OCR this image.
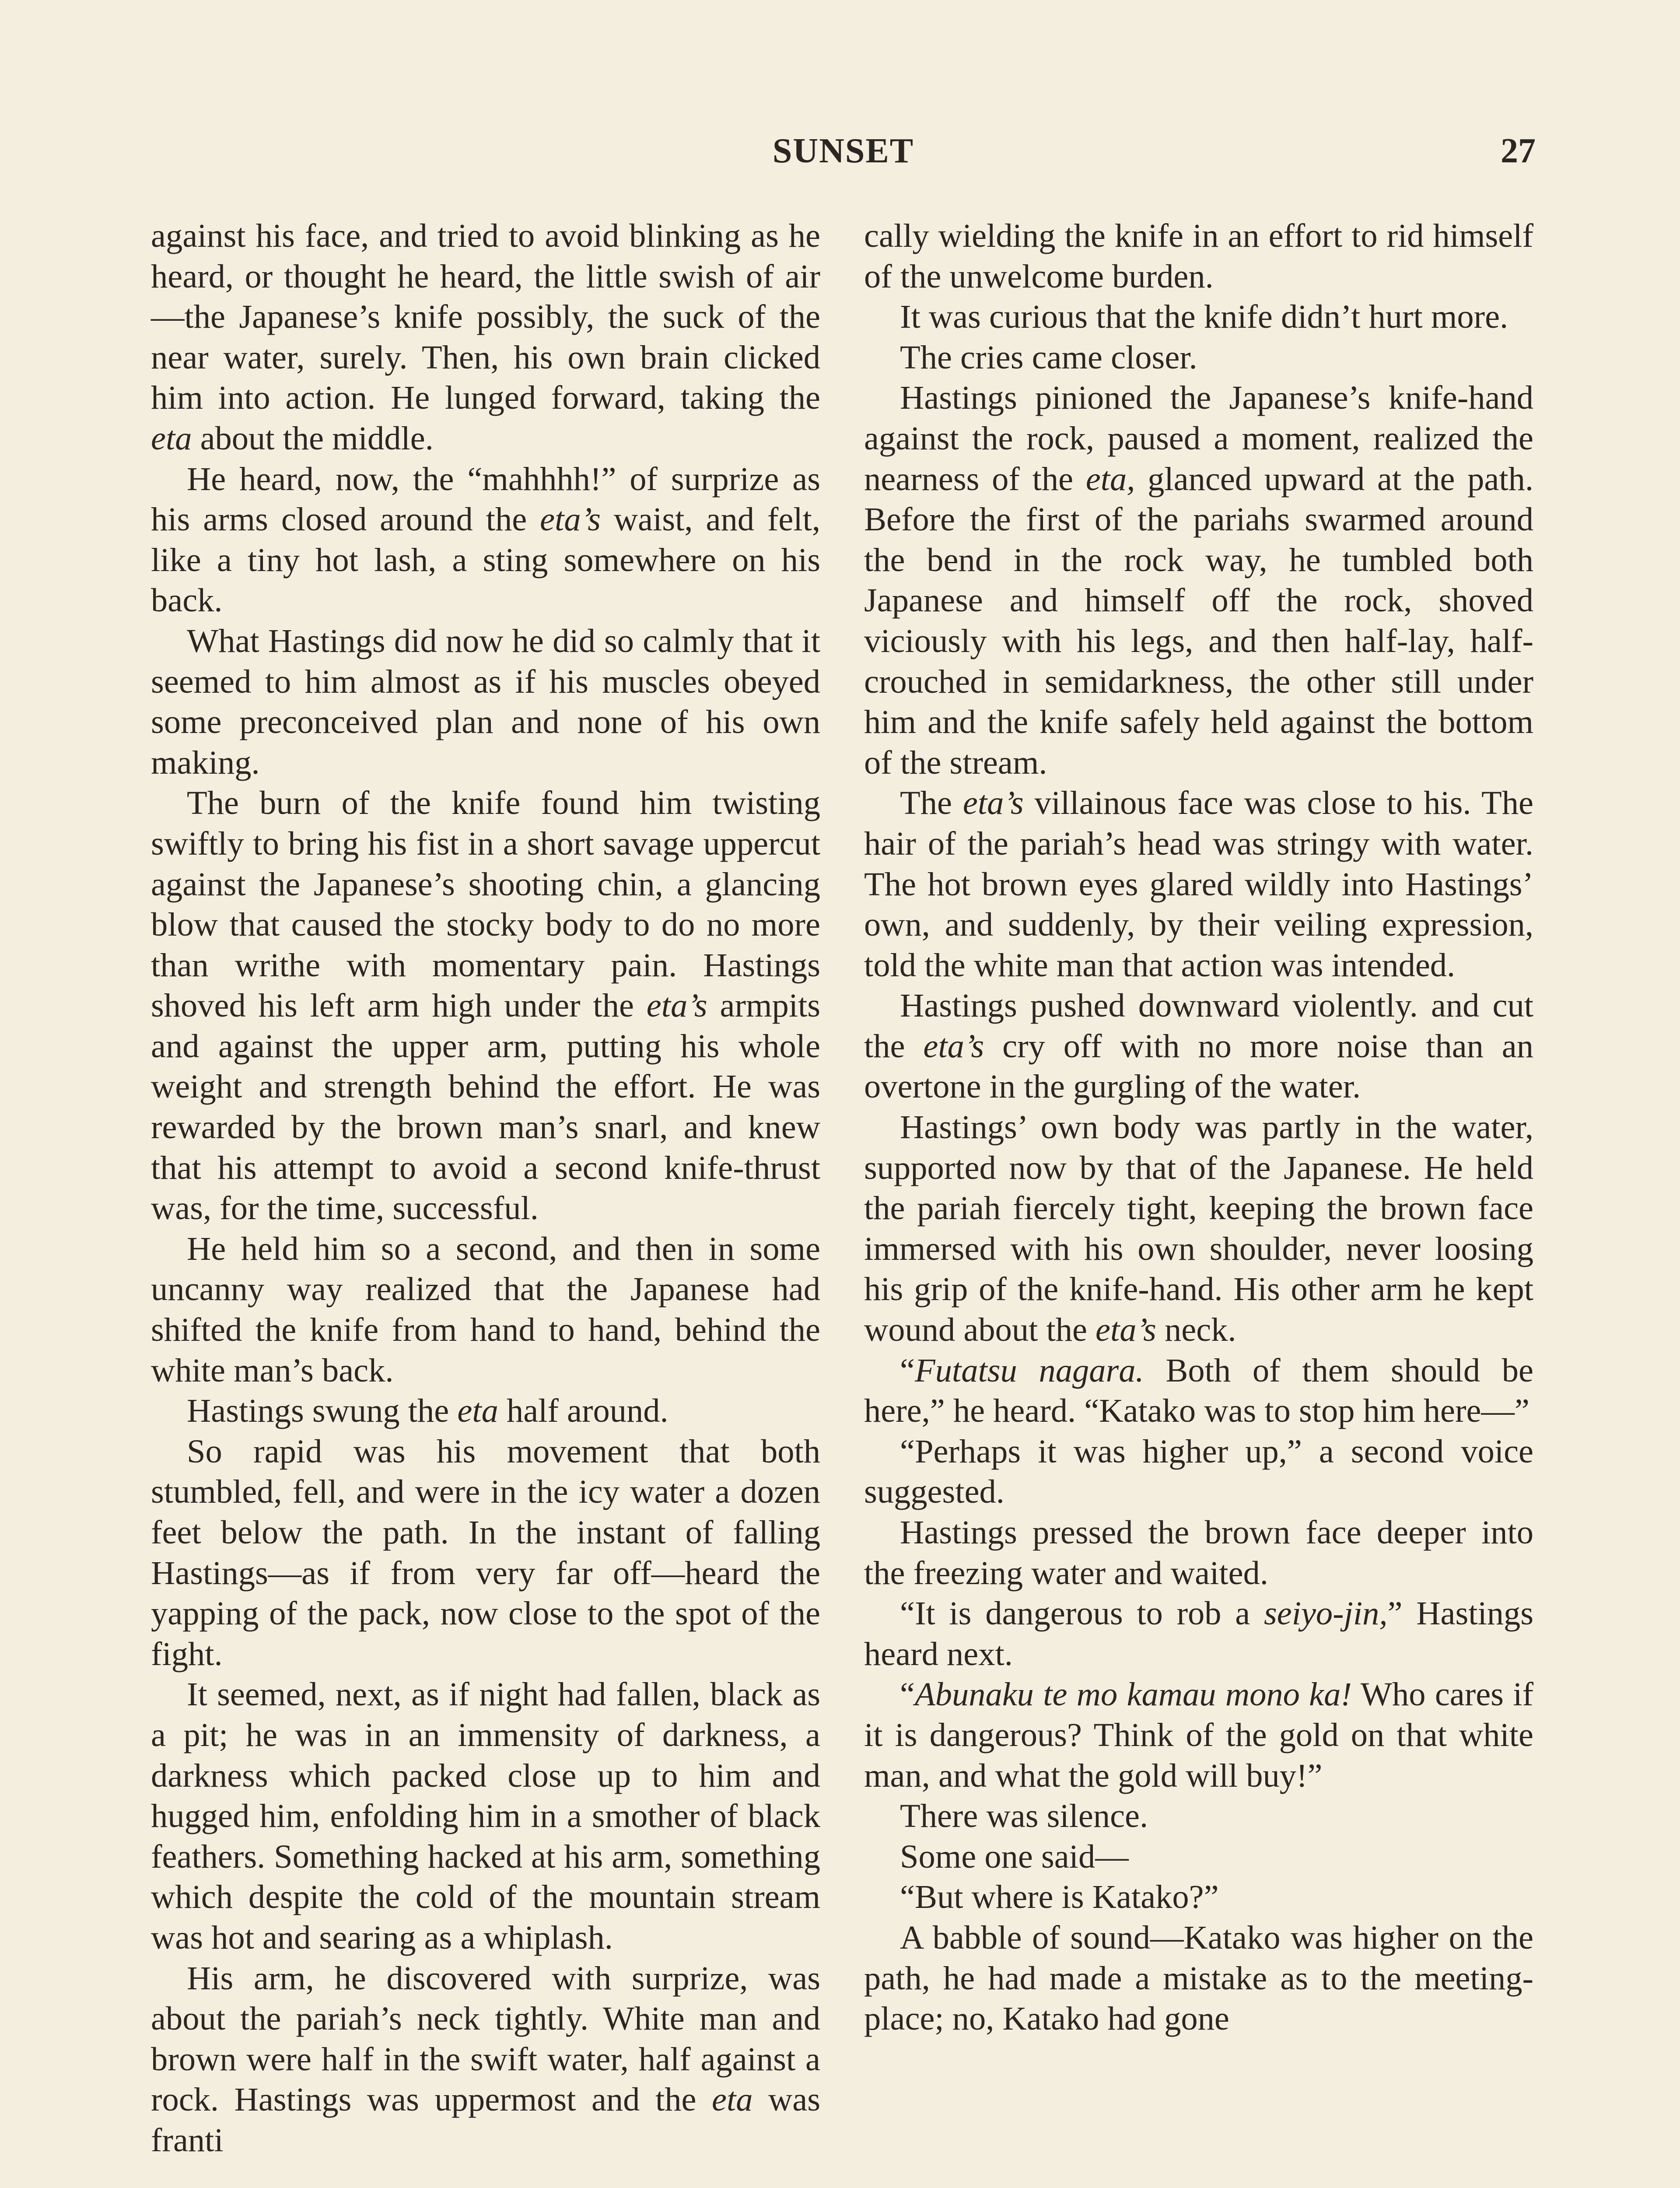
SUNSET	27

against his face, and tried to avoid blinking as he heard, or thought he heard, the little swish of air—the Japanese’s knife possibly, the suck of the near water, surely. Then, his own brain clicked him into action. He lunged forward, taking the eta about the middle.

He heard, now, the “mahhhh!” of surprize as his arms closed around the eta’s waist, and felt, like a tiny hot lash, a sting somewhere on his back.

What Hastings did now he did so calmly that it seemed to him almost as if his muscles obeyed some preconceived plan and none of his own making.

The burn of the knife found him twisting swiftly to bring his fist in a short savage uppercut against the Japanese’s shooting chin, a glancing blow that caused the stocky body to do no more than writhe with momentary pain. Hastings shoved his left arm high under the eta’s armpits and against the upper arm, putting his whole weight and strength behind the effort. He was rewarded by the brown man’s snarl, and knew that his attempt to avoid a second knife-thrust was, for the time, successful.

He held him so a second, and then in some uncanny way realized that the Japanese had shifted the knife from hand to hand, behind the white man’s back.

Hastings swung the eta half around.

So rapid was his movement that both stumbled, fell, and were in the icy water a dozen feet below the path. In the instant of falling Hastings—as if from very far off—heard the yapping of the pack, now close to the spot of the fight.

It seemed, next, as if night had fallen, black as a pit; he was in an immensity of darkness, a darkness which packed close up to him and hugged him, enfolding him in a smother of black feathers. Something hacked at his arm, something which despite the cold of the mountain stream was hot and searing as a whiplash.

His arm, he discovered with surprize, was about the pariah’s neck tightly. White man and brown were half in the swift water, half against a rock. Hastings was uppermost and the eta was franti

cally wielding the knife in an effort to rid himself of the unwelcome burden.

It was curious that the knife didn’t hurt more.

The cries came closer.

Hastings pinioned the Japanese’s knife-hand against the rock, paused a moment, realized the nearness of the eta, glanced upward at the path. Before the first of the pariahs swarmed around the bend in the rock way, he tumbled both Japanese and himself off the rock, shoved viciously with his legs, and then half-lay, half-crouched in semidarkness, the other still under him and the knife safely held against the bottom of the stream.

The eta’s villainous face was close to his. The hair of the pariah’s head was stringy with water. The hot brown eyes glared wildly into Hastings’ own, and suddenly, by their veiling expression, told the white man that action was intended.

Hastings pushed downward violently. and cut the eta’s cry off with no more noise than an overtone in the gurgling of the water.

Hastings’ own body was partly in the water, supported now by that of the Japanese. He held the pariah fiercely tight, keeping the brown face immersed with his own shoulder, never loosing his grip of the knife-hand. His other arm he kept wound about the eta’s neck.

“Futatsu nagara. Both of them should be here,” he heard. “Katako was to stop him here—”

“Perhaps it was higher up,” a second voice suggested.

Hastings pressed the brown face deeper into the freezing water and waited.

“It is dangerous to rob a seiyo-jin,” Hastings heard next.

“Abunaku te mo kamau mono ka! Who cares if it is dangerous? Think of the gold on that white man, and what the gold will buy!”

There was silence.

Some one said—

“But where is Katako?”

A babble of sound—Katako was higher on the path, he had made a mistake as to the meeting-place; no, Katako had gone
